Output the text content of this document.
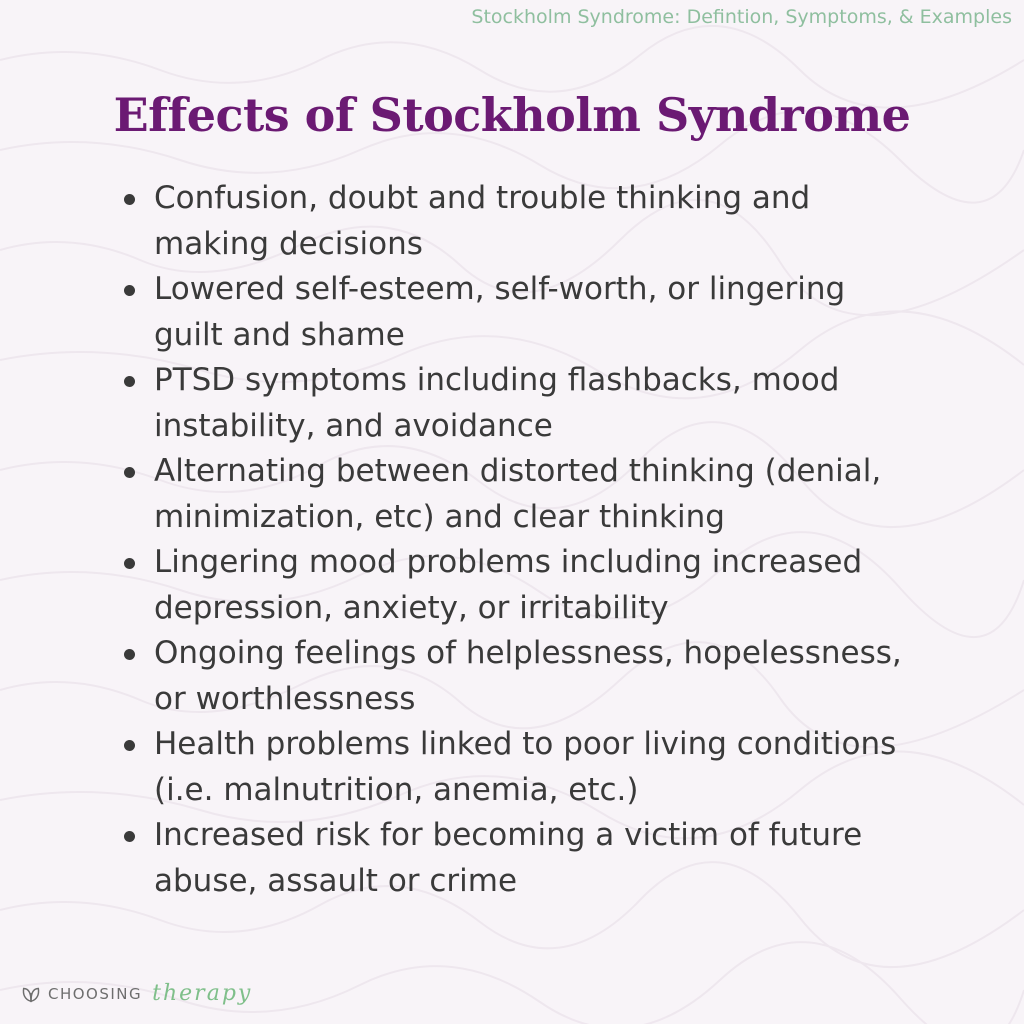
Stockholm Syndrome: Defintion, Symptoms, & Examples
Effects of Stockholm Syndrome
Confusion, doubt and trouble thinking and
making decisions
Lowered self-esteem, self-worth, or lingering
guilt and shame
PTSD symptoms including flashbacks, mood
instability, and avoidance
Alternating between distorted thinking (denial,
minimization, etc) and clear thinking
Lingering mood problems including increased
depression, anxiety, or irritability
Ongoing feelings of helplessness, hopelessness,
or worthlessness
Health problems linked to poor living conditions
(i.e. malnutrition, anemia, etc.)
Increased risk for becoming a victim of future
abuse, assault or crime
CHOOSING therapy
